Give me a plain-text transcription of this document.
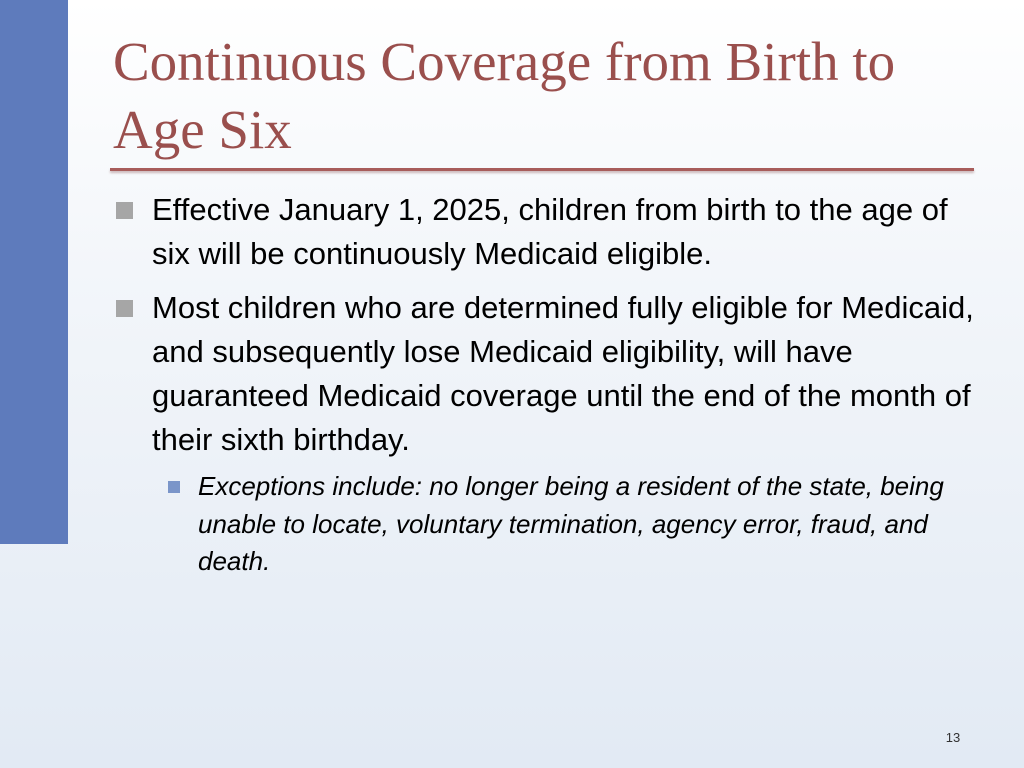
Continuous Coverage from Birth to Age Six
Effective January 1, 2025, children from birth to the age of six will be continuously Medicaid eligible.
Most children who are determined fully eligible for Medicaid, and subsequently lose Medicaid eligibility, will have guaranteed Medicaid coverage until the end of the month of their sixth birthday.
Exceptions include: no longer being a resident of the state, being unable to locate, voluntary termination, agency error, fraud, and death.
13
